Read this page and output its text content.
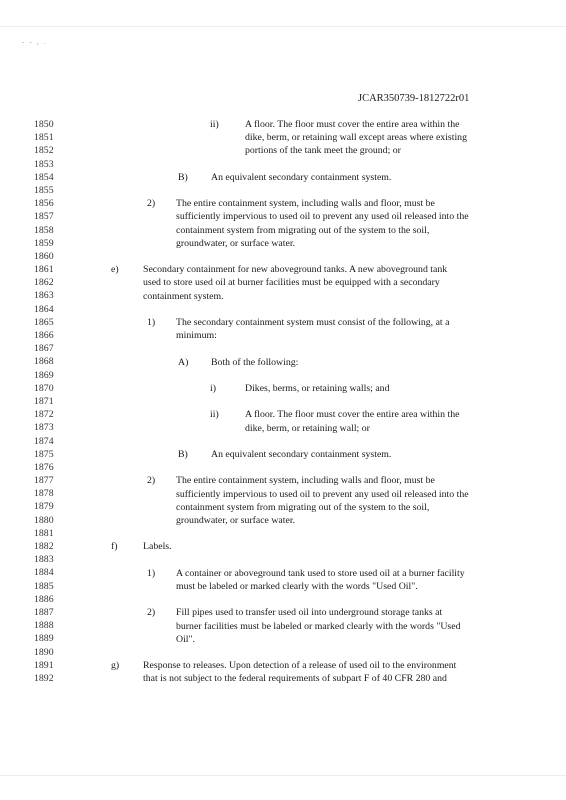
- - , .
JCAR350739-1812722r01
1850
1851
1852
1853
1854
1855
1856
1857
1858
1859
1860
1861
1862
1863
1864
1865
1866
1867
1868
1869
1870
1871
1872
1873
1874
1875
1876
1877
1878
1879
1880
1881
1882
1883
1884
1885
1886
1887
1888
1889
1890
1891
1892
ii)	A floor. The floor must cover the entire area within the
dike, berm, or retaining wall except areas where existing
portions of the tank meet the ground; or
B) An equivalent secondary containment system.
2) The entire containment system, including walls and floor, must be
sufficiently impervious to used oil to prevent any used oil released into the
containment system from migrating out of the system to the soil,
groundwater, or surface water.
e) Secondary containment for new aboveground tanks. A new aboveground tank
used to store used oil at burner facilities must be equipped with a secondary
containment system.
1) The secondary containment system must consist of the following, at a
minimum:
A) Both of the following:
i)	Dikes, berms, or retaining walls; and
ii)	A floor. The floor must cover the entire area within the
dike, berm, or retaining wall; or
B) An equivalent secondary containment system.
2) The entire containment system, including walls and floor, must be
sufficiently impervious to used oil to prevent any used oil released into the
containment system from migrating out of the system to the soil,
groundwater, or surface water.
f)	Labels.
1) A container or aboveground tank used to store used oil at a burner facility
must be labeled or marked clearly with the words "Used Oil".
2) Fill pipes used to transfer used oil into underground storage tanks at
burner facilities must be labeled or marked clearly with the words "Used
Oil".
g) Response to releases. Upon detection of a release of used oil to the environment
that is not subject to the federal requirements of subpart F of 40 CFR 280 and
